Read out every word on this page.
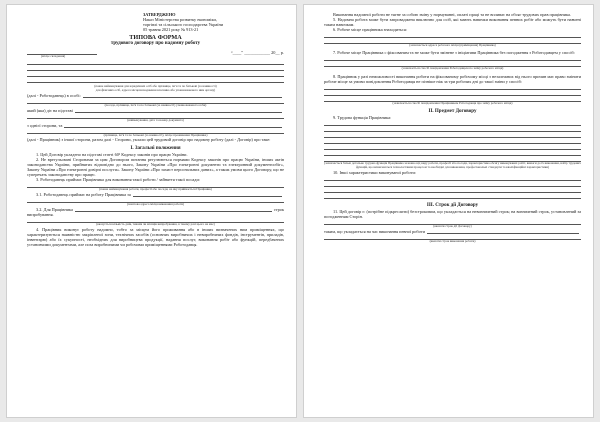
ЗАТВЕРДЖЕНО
Наказ Міністерства розвитку економіки,
торгівлі та сільського господарства України
05 травня 2021 року № 913-21
ТИПОВА ФОРМА
трудового договору про надомну роботу
“____” ____________ 20__ р.
(місце складення)
(повне найменування для юридичних осіб або прізвище, ім’я та по батькові (за наявності)
для фізичних осіб, адреса місцезнаходження власника або уповноваженого ним органу)
(далі - Роботодавець) в особі:
(посада, прізвище, ім’я та по батькові (за наявності) уповноваженої особи)
який (яка) діє на підставі
(найменування, дата та номер документа)
з однієї сторони, та
(прізвище, ім’я та по батькові (за наявності), місце проживання Працівника)
(далі - Працівник) з іншої сторони, разом далі - Сторони, уклали цей трудовий договір про надомну роботу (далі - Договір) про таке:
I. Загальні положення
1. Цей Договір укладено на підставі статті 60¹ Кодексу законів про працю України.
2. Не врегульовані Сторонами за цим Договором питання регулюються нормами Кодексу законів про працю України, інших актів законодавства України, прийнятих відповідно до нього, Закону України «Про електронні документи та електронний документообіг», Закону України «Про електронні довірчі послуги». Закону України «Про захист персональних даних», а також умови цього Договору, що не суперечать законодавству про працю.
3. Роботодавець приймає Працівника для виконання такої роботи / зайняття такої посади:
(повне найменування роботи, професії або посади, на яку приймається Працівник)
3.1. Роботодавець приймає на роботу Працівника за
(поштова адреса місця виконання роботи)
3.2. Для Працівника	строк
випробування.
(вказується кількість днів, тижнів чи місяців випробування, в такому разі цього не має)
4. Працівник виконує роботу надомно, тобто за місцем його проживання або в інших визначених ним приміщеннях, що характеризуються наявністю закріпленої зони, технічних засобів (основних виробничих і невиробничих фондів, інструментів, приладів, інвентарю) або їх сукупності, необхідних для виробництва продукції, надання послуг, виконання робіт або функцій, передбачених установчими документами, але поза виробничими чи робочими приміщеннями Роботодавця.
Виконання надомної роботи не тягне за собою зміну у нормуванні, оплаті праці та не впливає на обсяг трудових прав працівника.
5. Надомна робота може бути запроваджена виключно для осіб, які мають навички виконання певних робіт або можуть бути навчені таким навичкам.
6. Робоче місце працівника знаходиться:
(зазначається адреса робочого місця (приміщення) Працівника)
7. Робоче місце Працівника с фіксованим та не може бути змінене з ініціативи Працівника без погодження з Роботодавцем у спосіб:
(зазначається спосіб повідомлення Роботодавцем по зміну робочого місця)
8. Працівник у разі неможливості виконання роботи на фіксованому робочому місці з незалежних від нього причин має право змінити робоче місце за умови повідомлення Роботодавця не пізніше ніж за три робочих дні до такої зміни у спосіб:
(зазначається спосіб повідомлення Працівником Роботодавця про зміну робочого місця)
II. Предмет Договору
9. Трудова функція Працівника:
(зазначається більш детально трудова функція Працівника залежно від виду роботи, професії або посади, характеристика обсягу виконуваних робіт, вимоги до їх виконання, набір трудових функцій, що визначаються технологічним процесом та необхідні для виконання, професіональні стандарти та кваліфікаційні характеристики)
10. Інші характеристики виконуваної роботи:
III. Строк дії Договору
11. Цей договір є: (потрібне підкреслити) безстроковим, що укладається на невизначений строк; на визначений строк, установлений за погодженням Сторін.
(вказати строк дії Договору)
таким, що укладається на час виконання певної роботи
(вказати строк виконання роботи)
